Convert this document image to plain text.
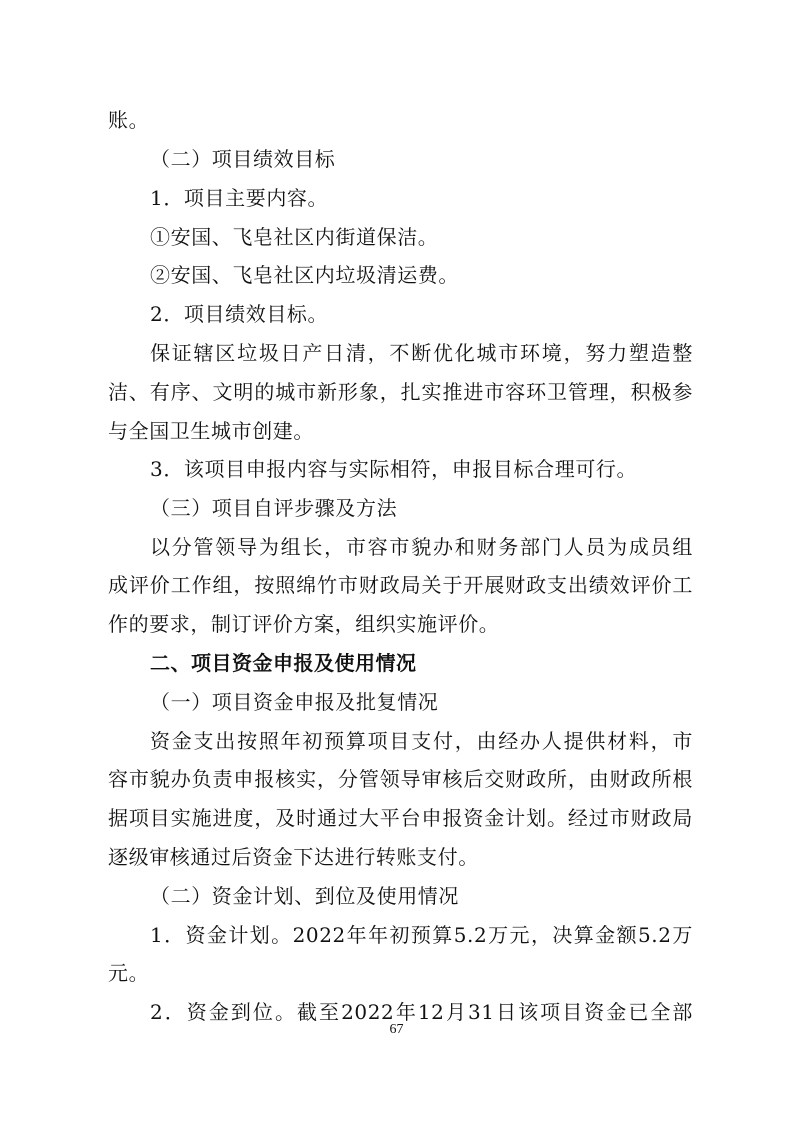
账。
（二）项目绩效目标
1．项目主要内容。
①安国、飞皂社区内街道保洁。
②安国、飞皂社区内垃圾清运费。
2．项目绩效目标。
保证辖区垃圾日产日清，不断优化城市环境，努力塑造整
洁、有序、文明的城市新形象，扎实推进市容环卫管理，积极参
与全国卫生城市创建。
3．该项目申报内容与实际相符，申报目标合理可行。
（三）项目自评步骤及方法
以分管领导为组长，市容市貌办和财务部门人员为成员组
成评价工作组，按照绵竹市财政局关于开展财政支出绩效评价工
作的要求，制订评价方案，组织实施评价。
二、项目资金申报及使用情况
（一）项目资金申报及批复情况
资金支出按照年初预算项目支付，由经办人提供材料，市
容市貌办负责申报核实，分管领导审核后交财政所，由财政所根
据项目实施进度，及时通过大平台申报资金计划。经过市财政局
逐级审核通过后资金下达进行转账支付。
（二）资金计划、到位及使用情况
1．资金计划。2022年年初预算5.2万元，决算金额5.2万
元。
2．资金到位。截至2022年12月31日该项目资金已全部
67
